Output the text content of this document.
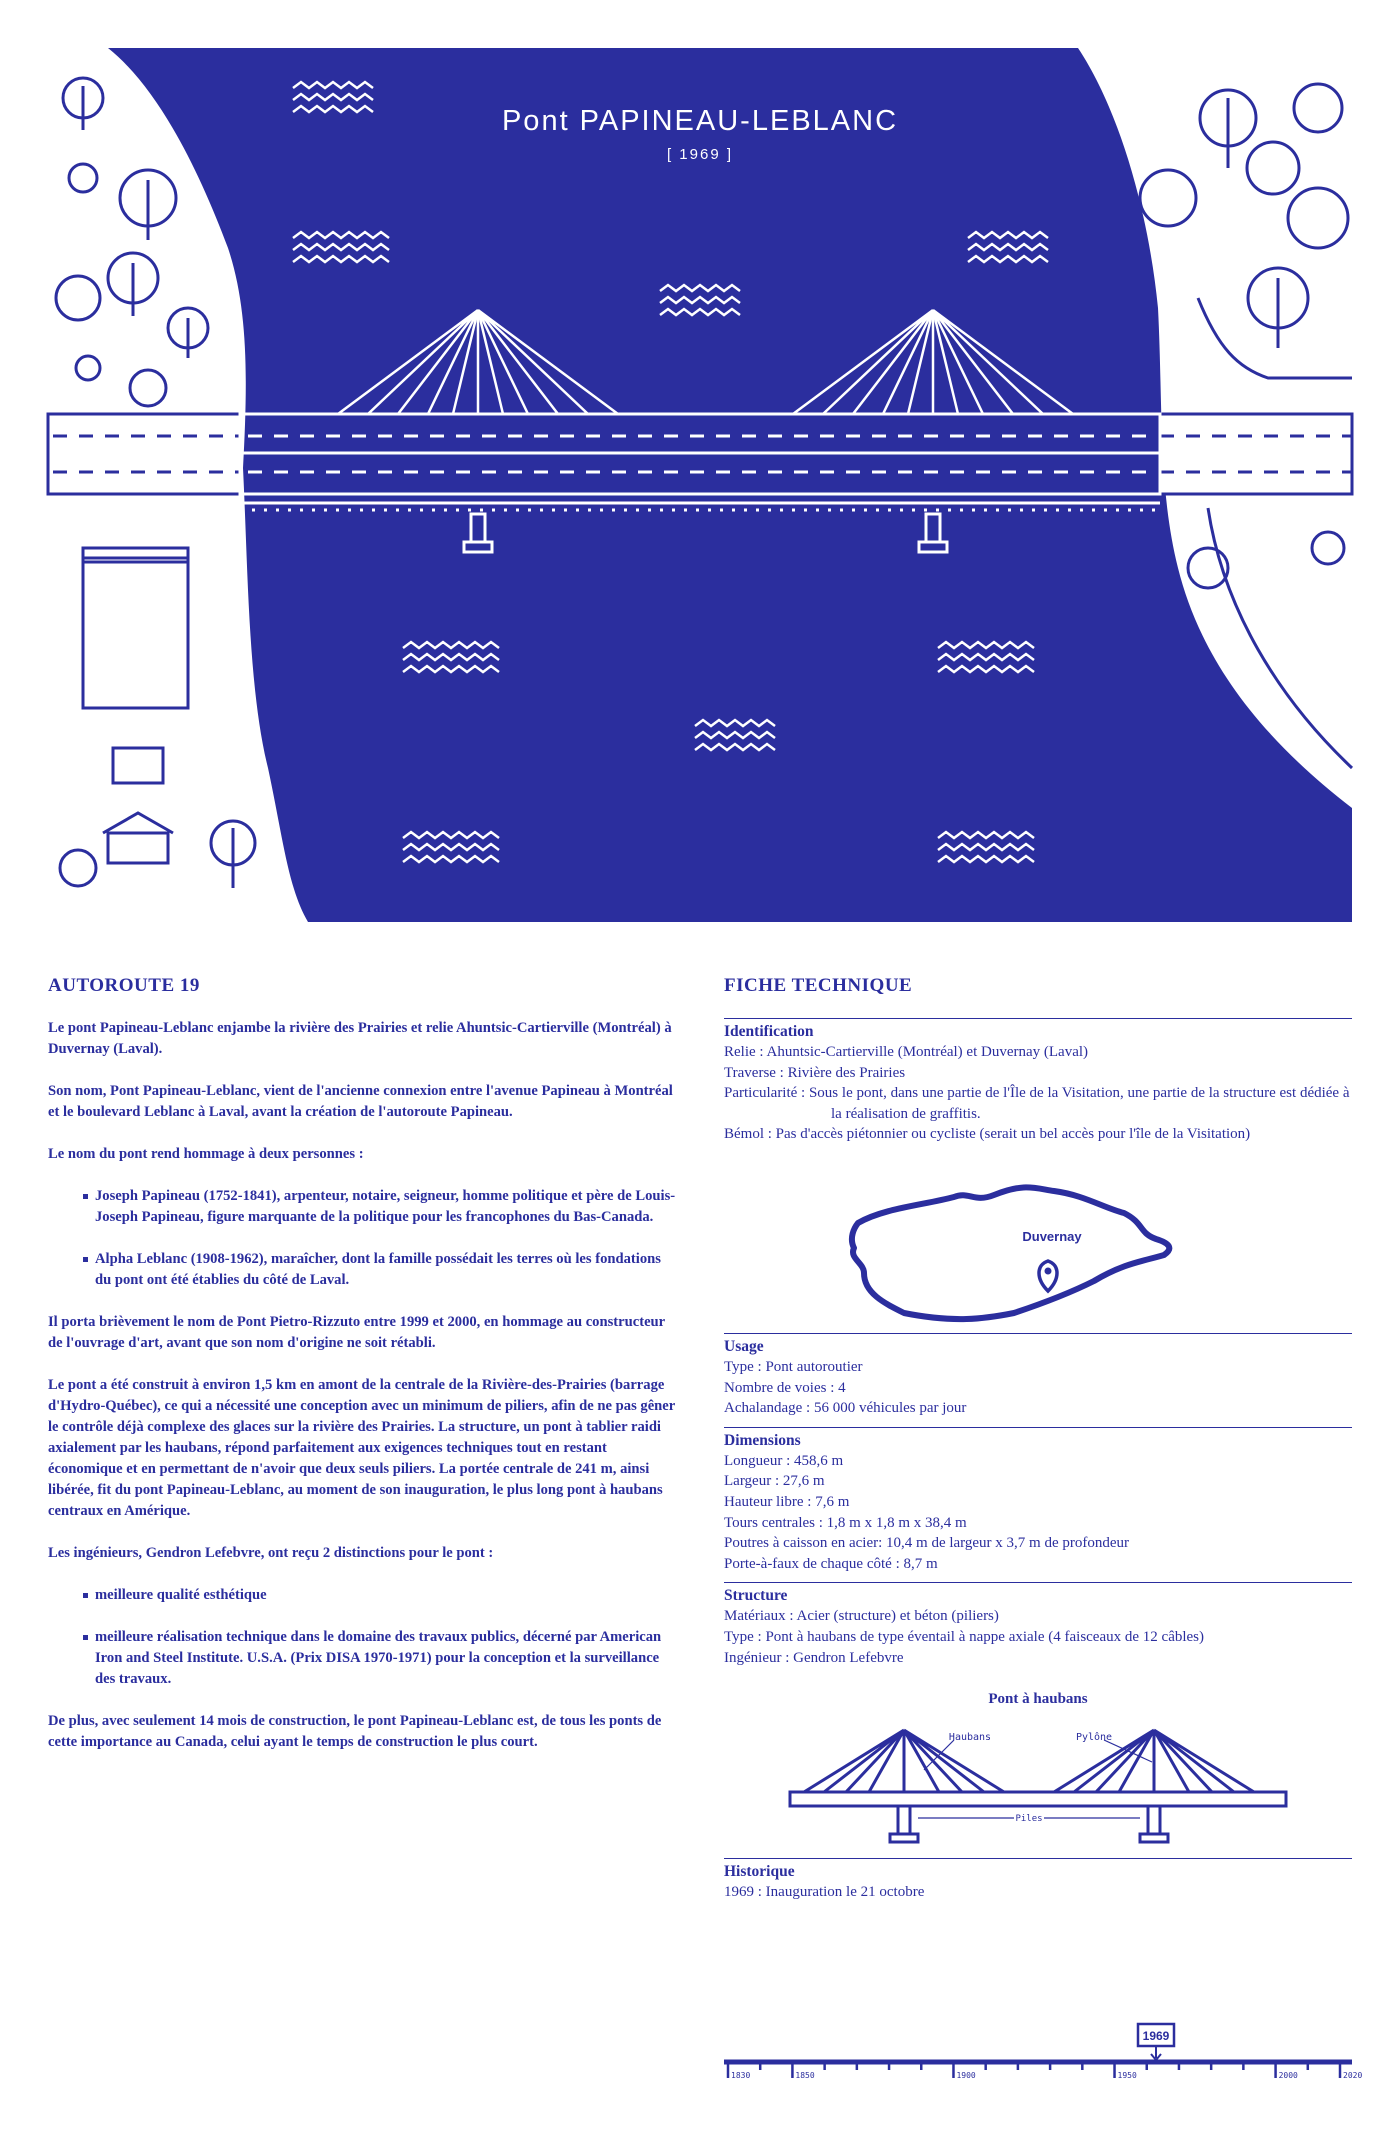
Pont PAPINEAU-LEBLANC
[ 1969 ]
AUTOROUTE 19

Le pont Papineau-Leblanc enjambe la rivière des Prairies et relie Ahuntsic-Cartierville (Montréal) à Duvernay (Laval).

Son nom, Pont Papineau-Leblanc, vient de l'ancienne connexion entre l'avenue Papineau à Montréal et le boulevard Leblanc à Laval, avant la création de l'autoroute Papineau.

Le nom du pont rend hommage à deux personnes :

Joseph Papineau (1752-1841), arpenteur, notaire, seigneur, homme politique et père de Louis-Joseph Papineau, figure marquante de la politique pour les francophones du Bas-Canada.
Alpha Leblanc (1908-1962), maraîcher, dont la famille possédait les terres où les fondations du pont ont été établies du côté de Laval.

Il porta brièvement le nom de Pont Pietro-Rizzuto entre 1999 et 2000, en hommage au constructeur de l'ouvrage d'art, avant que son nom d'origine ne soit rétabli.

Le pont a été construit à environ 1,5 km en amont de la centrale de la Rivière-des-Prairies (barrage d'Hydro-Québec), ce qui a nécessité une conception avec un minimum de piliers, afin de ne pas gêner le contrôle déjà complexe des glaces sur la rivière des Prairies. La structure, un pont à tablier raidi axialement par les haubans, répond parfaitement aux exigences techniques tout en restant économique et en permettant de n'avoir que deux seuls piliers. La portée centrale de 241 m, ainsi libérée, fit du pont Papineau-Leblanc, au moment de son inauguration, le plus long pont à haubans centraux en Amérique.

Les ingénieurs, Gendron Lefebvre, ont reçu 2 distinctions pour le pont :

meilleure qualité esthétique
meilleure réalisation technique dans le domaine des travaux publics, décerné par American Iron and Steel Institute. U.S.A. (Prix DISA 1970-1971) pour la conception et la surveillance des travaux.

De plus, avec seulement 14 mois de construction, le pont Papineau-Leblanc est, de tous les ponts de cette importance au Canada, celui ayant le temps de construction le plus court.

FICHE TECHNIQUE
Identification
Relie : Ahuntsic-Cartierville (Montréal) et Duvernay (Laval)
Traverse : Rivière des Prairies
Particularité : Sous le pont, dans une partie de l'Île de la Visitation, une partie de la structure est dédiée à la réalisation de graffitis.
Bémol : Pas d'accès piétonnier ou cycliste (serait un bel accès pour l'île de la Visitation)
Duvernay
Usage
Type : Pont autoroutier
Nombre de voies : 4
Achalandage : 56 000 véhicules par jour
Dimensions
Longueur : 458,6 m
Largeur : 27,6 m
Hauteur libre : 7,6 m
Tours centrales : 1,8 m x 1,8 m x 38,4 m
Poutres à caisson en acier: 10,4 m de largeur x 3,7 m de profondeur
Porte-à-faux de chaque côté : 8,7 m
Structure
Matériaux : Acier (structure) et béton (piliers)
Type : Pont à haubans de type éventail à nappe axiale (4 faisceaux de 12 câbles)
Ingénieur : Gendron Lefebvre
Pont à haubans
Haubans	Pylône
Piles
Historique
1969 : Inauguration le 21 octobre
1969
1830	1850	1900	1950	2000	2020
